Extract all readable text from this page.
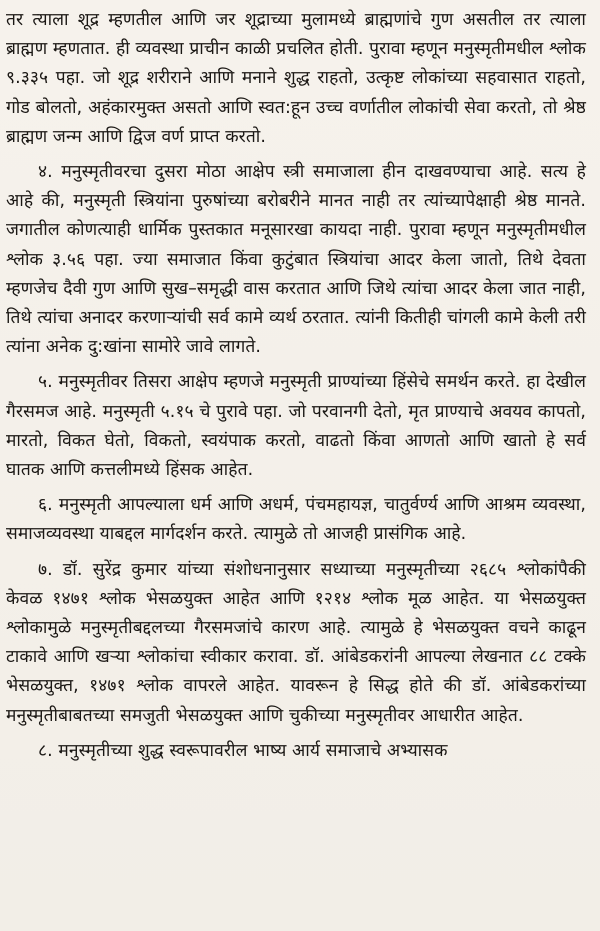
तर त्याला शूद्र म्हणतील आणि जर शूद्राच्या मुलामध्ये ब्राह्मणांचे गुण असतील तर त्याला ब्राह्मण म्हणतात. ही व्यवस्था प्राचीन काळी प्रचलित होती. पुरावा म्हणून मनुस्मृतीमधील श्लोक ९.३३५ पहा. जो शूद्र शरीराने आणि मनाने शुद्ध राहतो, उत्कृष्ट लोकांच्या सहवासात राहतो, गोड बोलतो, अहंकारमुक्त असतो आणि स्वत:हून उच्च वर्णातील लोकांची सेवा करतो, तो श्रेष्ठ ब्राह्मण जन्म आणि द्विज वर्ण प्राप्त करतो.

४. मनुस्मृतीवरचा दुसरा मोठा आक्षेप स्त्री समाजाला हीन दाखवण्याचा आहे. सत्य हे आहे की, मनुस्मृती स्त्रियांना पुरुषांच्या बरोबरीने मानत नाही तर त्यांच्यापेक्षाही श्रेष्ठ मानते. जगातील कोणत्याही धार्मिक पुस्तकात मनूसारखा कायदा नाही. पुरावा म्हणून मनुस्मृतीमधील श्लोक ३.५६ पहा. ज्या समाजात किंवा कुटुंबात स्त्रियांचा आदर केला जातो, तिथे देवता म्हणजेच दैवी गुण आणि सुख–समृद्धी वास करतात आणि जिथे त्यांचा आदर केला जात नाही, तिथे त्यांचा अनादर करणाऱ्यांची सर्व कामे व्यर्थ ठरतात. त्यांनी कितीही चांगली कामे केली तरी त्यांना अनेक दु:खांना सामोरे जावे लागते.

५. मनुस्मृतीवर तिसरा आक्षेप म्हणजे मनुस्मृती प्राण्यांच्या हिंसेचे समर्थन करते. हा देखील गैरसमज आहे. मनुस्मृती ५.१५ चे पुरावे पहा. जो परवानगी देतो, मृत प्राण्याचे अवयव कापतो, मारतो, विकत घेतो, विकतो, स्वयंपाक करतो, वाढतो किंवा आणतो आणि खातो हे सर्व घातक आणि कत्तलीमध्ये हिंसक आहेत.

६. मनुस्मृती आपल्याला धर्म आणि अधर्म, पंचमहायज्ञ, चातुर्वर्ण्य आणि आश्रम व्यवस्था, समाजव्यवस्था याबद्दल मार्गदर्शन करते. त्यामुळे तो आजही प्रासंगिक आहे.

७. डॉ. सुरेंद्र कुमार यांच्या संशोधनानुसार सध्याच्या मनुस्मृतीच्या २६८५ श्लोकांपैकी केवळ १४७१ श्लोक भेसळयुक्त आहेत आणि १२१४ श्लोक मूळ आहेत. या भेसळयुक्त श्लोकामुळे मनुस्मृतीबद्दलच्या गैरसमजांचे कारण आहे. त्यामुळे हे भेसळयुक्त वचने काढून टाकावे आणि खऱ्या श्लोकांचा स्वीकार करावा. डॉ. आंबेडकरांनी आपल्या लेखनात ८८ टक्के भेसळयुक्त, १४७१ श्लोक वापरले आहेत. यावरून हे सिद्ध होते की डॉ. आंबेडकरांच्या मनुस्मृतीबाबतच्या समजुती भेसळयुक्त आणि चुकीच्या मनुस्मृतीवर आधारीत आहेत.

८. मनुस्मृतीच्या शुद्ध स्वरूपावरील भाष्य आर्य समाजाचे अभ्यासक
